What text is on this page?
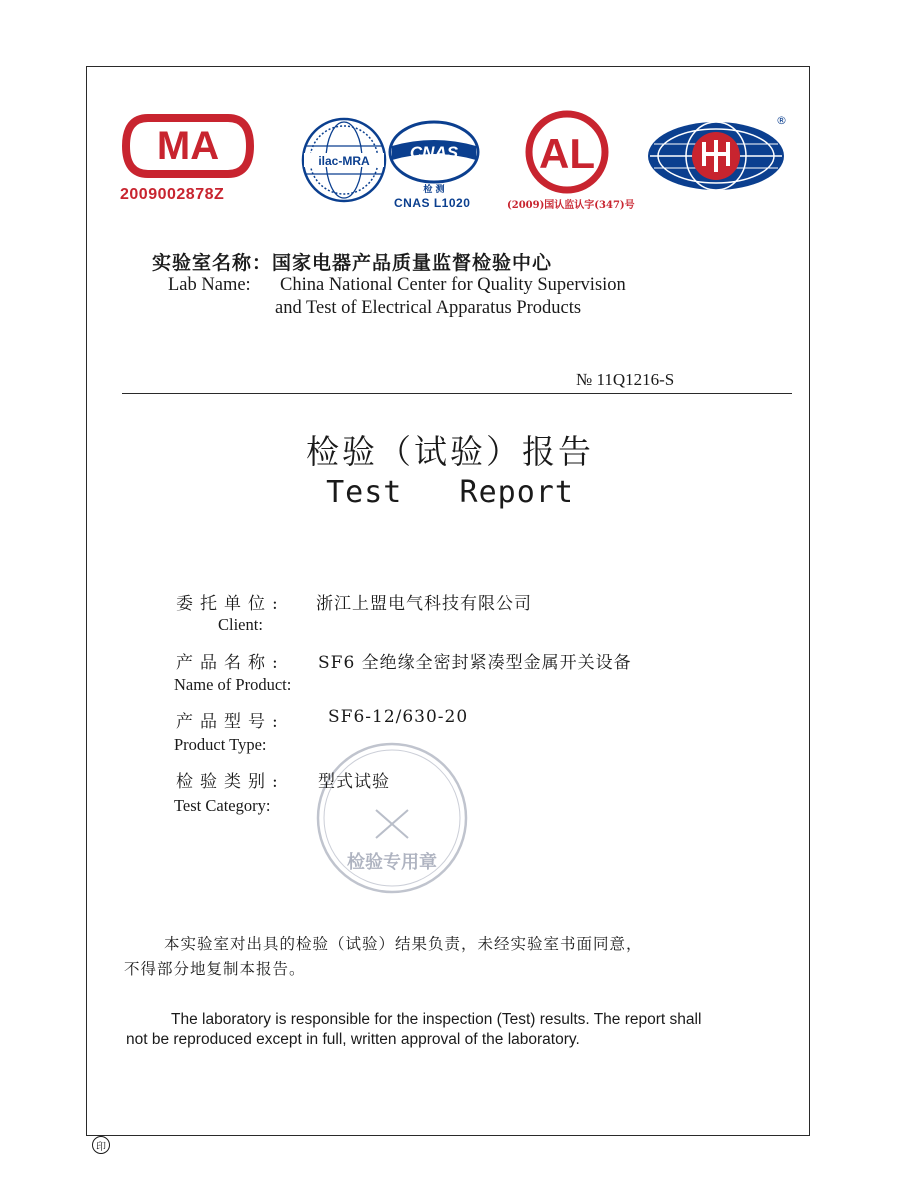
MA
2009002878Z
ilac-MRA CNAS
检 测
CNAS L1020
AL
(2009)国认监认字(347)号
®
实验室名称：国家电器产品质量监督检验中心
Lab Name: China National Center for Quality Supervision
and Test of Electrical Apparatus Products
№ 11Q1216-S
检验（试验）报告
Test   Report
检验专用章
委托单位: 浙江上盟电气科技有限公司
Client:
产品名称: SF6 全绝缘全密封紧凑型金属开关设备
Name of Product:
产品型号:	SF6-12/630-20
Product Type:
检验类别: 型式试验
Test Category:
本实验室对出具的检验（试验）结果负责，未经实验室书面同意，
不得部分地复制本报告。
The laboratory is responsible for the inspection (Test) results. The report shall
not be reproduced except in full, written approval of the laboratory.
印
